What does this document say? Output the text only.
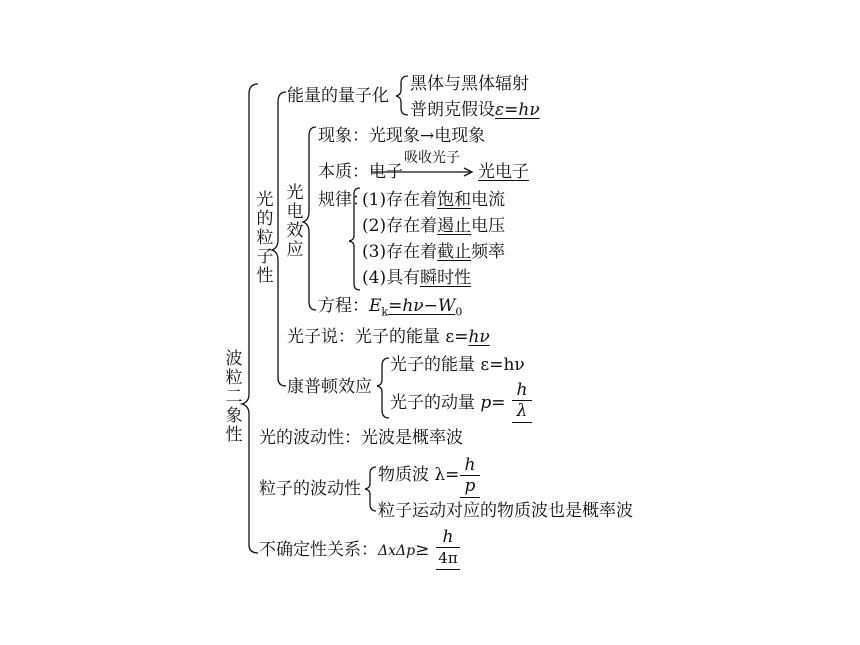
波粒二象性
光的粒子性
能量的量子化
黑体与黑体辐射
普朗克假设ε=hν
光电效应
现象：光现象→电现象
本质：电子
吸收光子
光电子
规律：
(1)存在着饱和电流
(2)存在着遏止电压
(3)存在着截止频率
(4)具有瞬时性
方程：$E_k=h\nu-W_0$
光子说：光子的能量 ε=hν
康普顿效应
光子的能量 ε=hν
光子的动量 p=
h
λ
光的波动性：光波是概率波
粒子的波动性
物质波 λ= h
p
粒子运动对应的物质波也是概率波
不确定性关系：ΔxΔp≥
h
4π
